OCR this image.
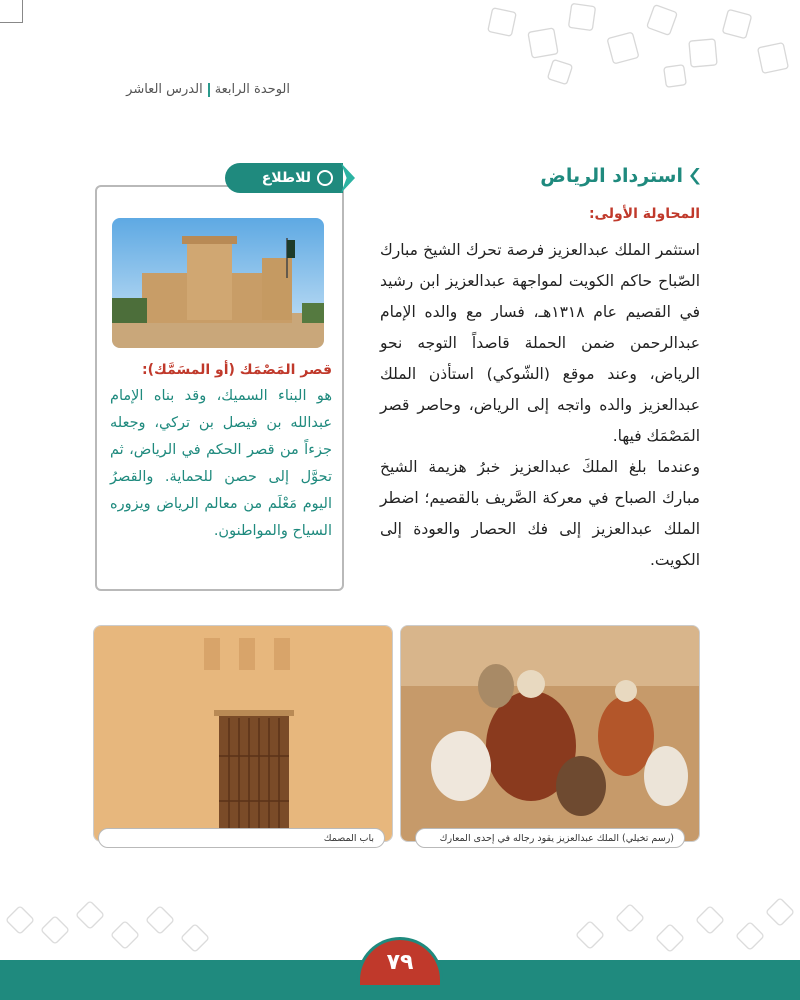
الوحدة الرابعةالدرس العاشر
استرداد الرياض
المحاولة الأولى:

استثمر الملك عبدالعزيز فرصة تحرك الشيخ مبارك الصّباح حاكم الكويت لمواجهة عبدالعزيز ابن رشيد في القصيم عام ١٣١٨هـ، فسار مع والده الإمام عبدالرحمن ضمن الحملة قاصداً التوجه نحو الرياض، وعند موقع (الشّوكي) استأذن الملك عبدالعزيز والده واتجه إلى الرياض، وحاصر قصر المَصْمَك فيها.

وعندما بلغ الملكَ عبدالعزيز خبرُ هزيمة الشيخ مبارك الصباح في معركة الصَّريف بالقصيم؛ اضطر الملك عبدالعزيز إلى فك الحصار والعودة إلى الكويت.

للاطلاع
قصر المَصْمَك (أو المسَمَّك):
هو البناء السميك، وقد بناه الإمام عبدالله بن فيصل بن تركي، وجعله جزءاً من قصر الحكم في الرياض، ثم تحوَّل إلى حصن للحماية. والقصرُ اليوم مَعْلَم من معالم الرياض ويزوره السياح والمواطنون.
باب المصمك	(رسم تخيلي) الملك عبدالعزيز يقود رجاله في إحدى المعارك
٧٩
